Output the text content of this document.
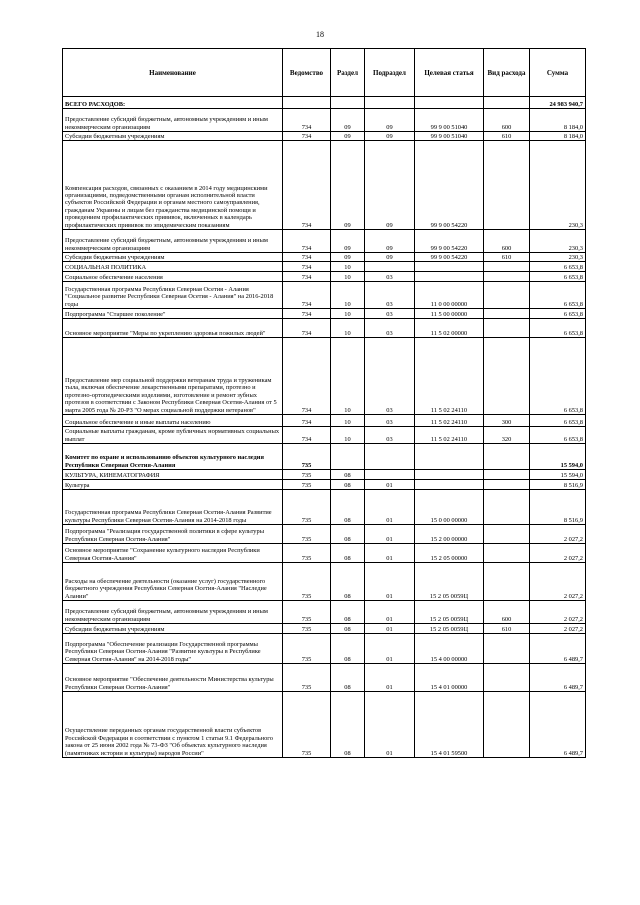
18
Наименование	Ведомство	Раздел	Подраздел	Целевая статья	Вид расхода	Сумма
ВСЕГО РАСХОДОВ:						24 983 940,7
Предоставление субсидий бюджетным, автономным учреждениям и иным некоммерческим организациям	734	09	09	99 9 00 51040	600	8 184,0
Субсидии бюджетным учреждениям	734	09	09	99 9 00 51040	610	8 184,0
Компенсация расходов, связанных с оказанием в 2014 году медицинскими организациями, подведомственными органам исполнительной власти субъектов Российской Федерации и органам местного самоуправления, гражданам Украины и лицам без гражданства медицинской помощи и проведением профилактических прививок, включенных в календарь профилактических прививок по эпидемическим показаниям	734	09	09	99 9 00 54220		230,3
Предоставление субсидий бюджетным, автономным учреждениям и иным некоммерческим организациям	734	09	09	99 9 00 54220	600	230,3
Субсидии бюджетным учреждениям	734	09	09	99 9 00 54220	610	230,3
СОЦИАЛЬНАЯ ПОЛИТИКА	734	10				6 653,8
Социальное обеспечение населения	734	10	03			6 653,8
Государственная программа Республики Северная Осетия - Алания "Социальное развитие Республики Северная Осетия - Алания" на 2016-2018 годы	734	10	03	11 0 00 00000		6 653,8
Подпрограмма "Старшее поколение"	734	10	03	11 5 00 00000		6 653,8
Основное мероприятие "Меры по укреплению здоровья пожилых людей"	734	10	03	11 5 02 00000		6 653,8
Предоставление мер социальной поддержки ветеранам труда и труженикам тыла, включая обеспечение лекарственными препаратами, протезно и протезно-ортопедическими изделиями, изготовление и ремонт зубных протезов в соответствии с Законом Республики Северная Осетия-Алания от 5 марта 2005 года № 20-РЗ "О мерах социальной поддержки ветеранов"	734	10	03	11 5 02 24110		6 653,8
Социальное обеспечение и иные выплаты населению	734	10	03	11 5 02 24110	300	6 653,8
Социальные выплаты гражданам, кроме публичных нормативных социальных выплат	734	10	03	11 5 02 24110	320	6 653,8
Комитет по охране и использованию объектов культурного наследия Республики Северная Осетия-Алания	735					15 594,0
КУЛЬТУРА, КИНЕМАТОГРАФИЯ	735	08				15 594,0
Культура	735	08	01			8 516,9
Государственная программа Республики Северная Осетия-Алания Развитие культуры Республики Северная Осетия-Алания на 2014-2018 годы	735	08	01	15 0 00 00000		8 516,9
Подпрограмма "Реализация государственной политики в сфере культуры Республики Северная Осетия-Алания"	735	08	01	15 2 00 00000		2 027,2
Основное мероприятие "Сохранение культурного наследия Республики Северная Осетия-Алания"	735	08	01	15 2 05 00000		2 027,2
Расходы на обеспечение деятельности (оказание услуг) государственного бюджетного учреждения Республики Северная Осетия-Алания "Наследие Алании"	735	08	01	15 2 05 0059Ц		2 027,2
Предоставление субсидий бюджетным, автономным учреждениям и иным некоммерческим организациям	735	08	01	15 2 05 0059Ц	600	2 027,2
Субсидии бюджетным учреждениям	735	08	01	15 2 05 0059Ц	610	2 027,2
Подпрограмма "Обеспечение реализации Государственной программы Республики Северная Осетия-Алания "Развитие культуры в Республике Северная Осетия-Алания" на 2014-2018 годы"	735	08	01	15 4 00 00000		6 489,7
Основное мероприятие "Обеспечение деятельности Министерства культуры Республики Северная Осетия-Алания"	735	08	01	15 4 01 00000		6 489,7
Осуществление переданных органам государственной власти субъектов Российской Федерации в соответствии с пунктом 1 статьи 9.1 Федерального закона от 25 июня 2002 года № 73-ФЗ "Об объектах культурного наследия (памятниках истории и культуры) народов России"	735	08	01	15 4 01 59500		6 489,7
